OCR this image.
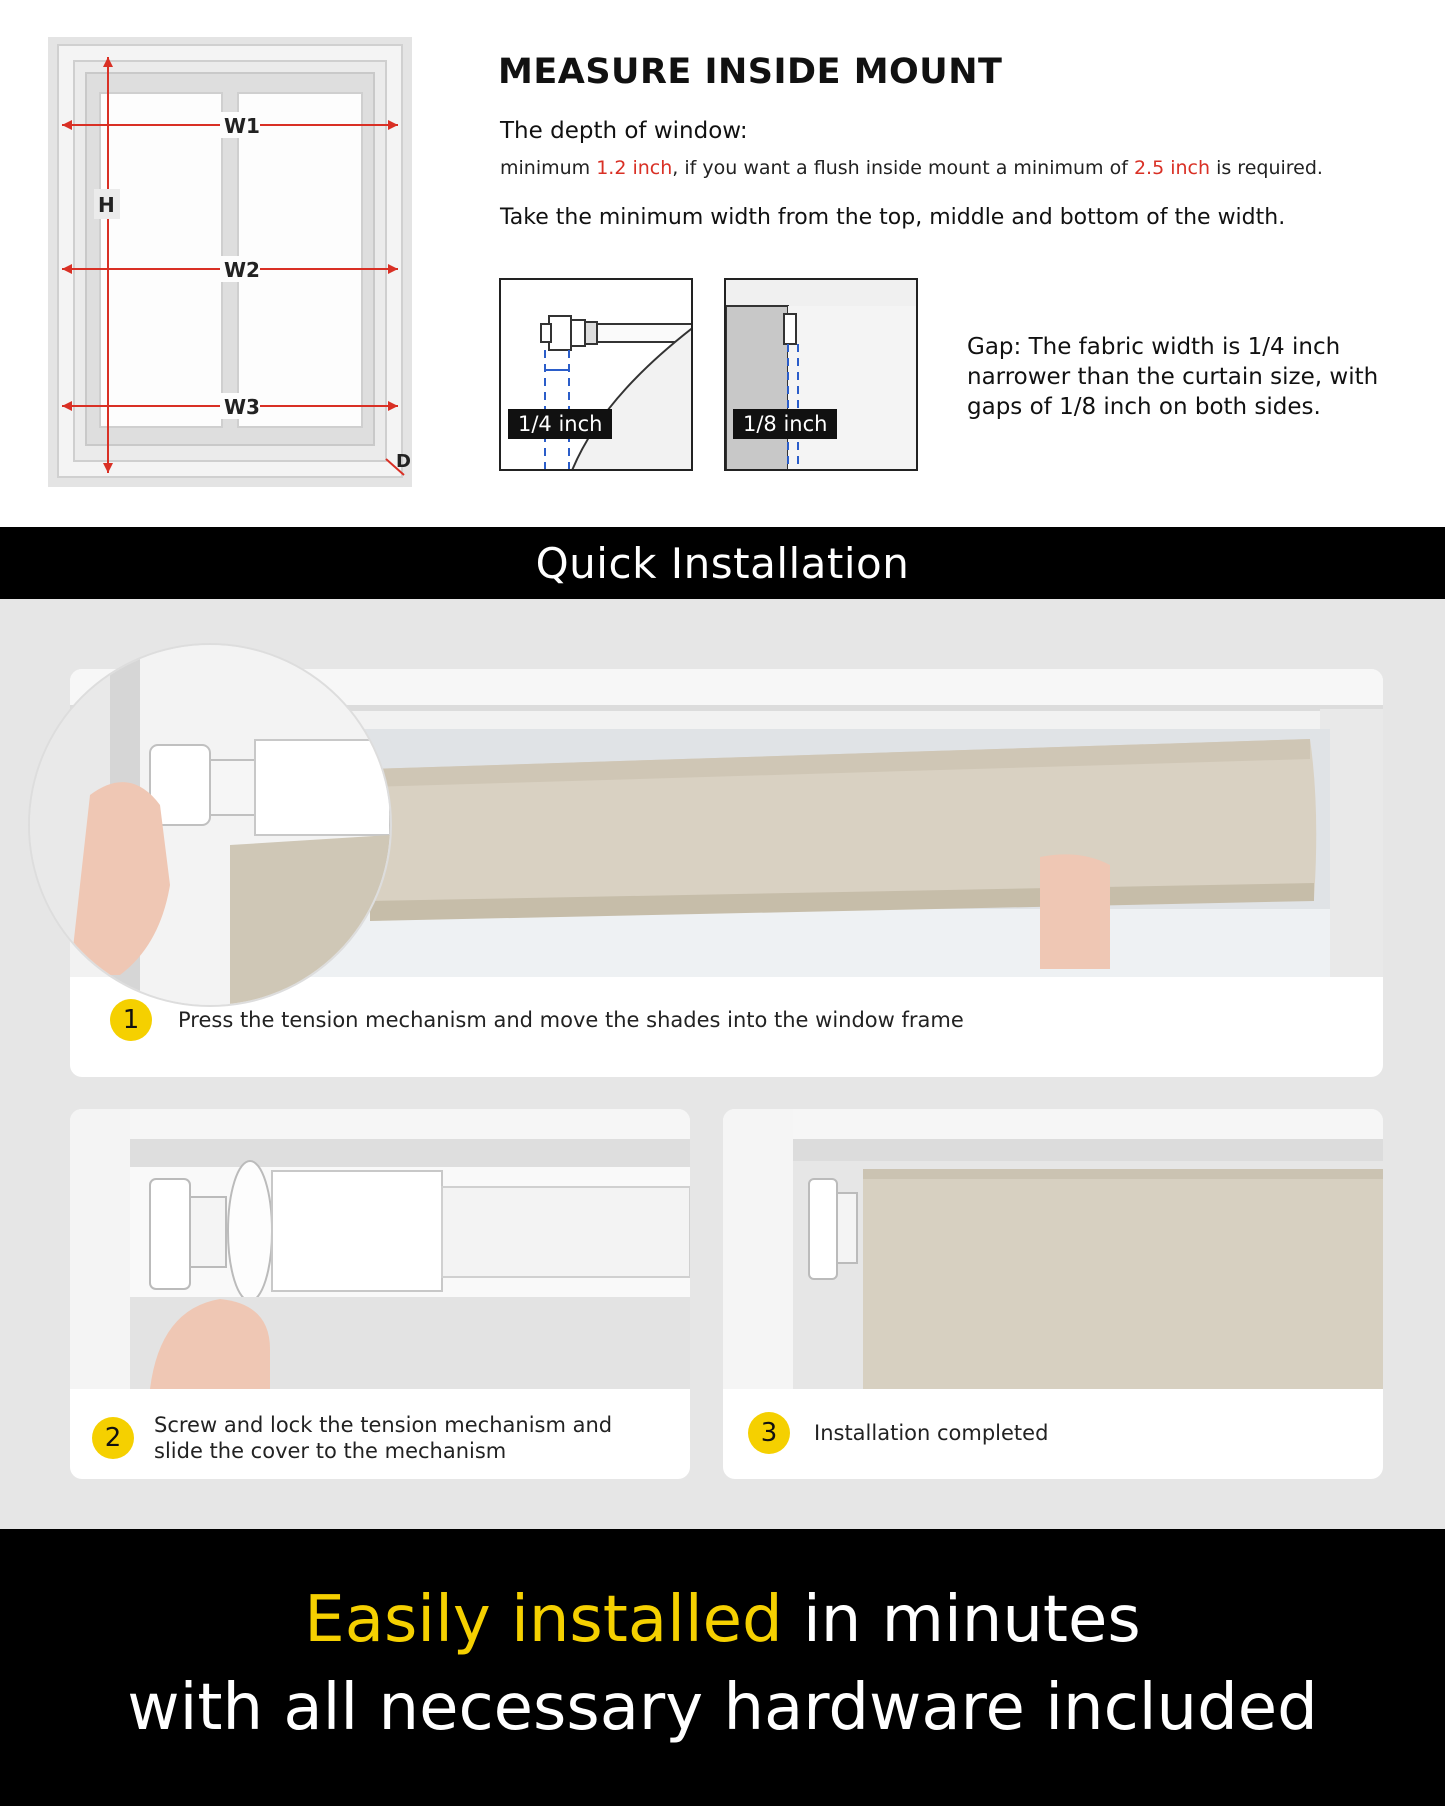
W1
W2
W3
H
D
MEASURE INSIDE MOUNT
The depth of window:
minimum 1.2 inch, if you want a flush inside mount a minimum of 2.5 inch is required.
Take the minimum width from the top, middle and bottom of the width.
1/4 inch	1/8 inch
Gap: The fabric width is 1/4 inch narrower than the curtain size, with gaps of 1/8 inch on both sides.
Quick Installation
1	Press the tension mechanism and move the shades into the window frame
2	Screw and lock the tension mechanism and slide the cover to the mechanism
3	Installation completed
Easily installed in minutes
with all necessary hardware included
